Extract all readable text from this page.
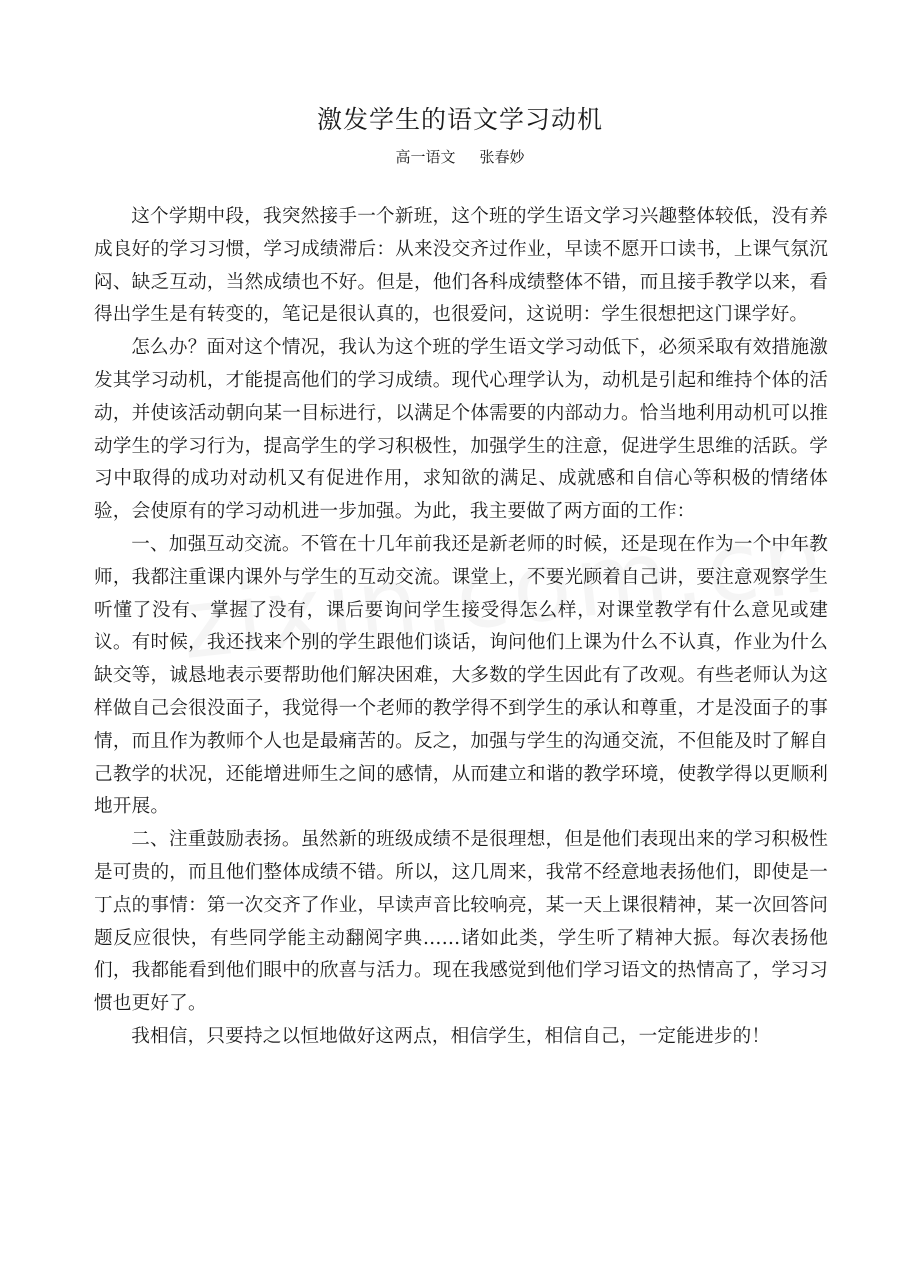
激发学生的语文学习动机
高一语文 张春妙

这个学期中段，我突然接手一个新班，这个班的学生语文学习兴趣整体较低，没有养成良好的学习习惯，学习成绩滞后：从来没交齐过作业，早读不愿开口读书，上课气氛沉闷、缺乏互动，当然成绩也不好。但是，他们各科成绩整体不错，而且接手教学以来，看得出学生是有转变的，笔记是很认真的，也很爱问，这说明：学生很想把这门课学好。

怎么办？面对这个情况，我认为这个班的学生语文学习动低下，必须采取有效措施激发其学习动机，才能提高他们的学习成绩。现代心理学认为，动机是引起和维持个体的活动，并使该活动朝向某一目标进行，以满足个体需要的内部动力。恰当地利用动机可以推动学生的学习行为，提高学生的学习积极性，加强学生的注意，促进学生思维的活跃。学习中取得的成功对动机又有促进作用，求知欲的满足、成就感和自信心等积极的情绪体验，会使原有的学习动机进一步加强。为此，我主要做了两方面的工作：

一、加强互动交流。不管在十几年前我还是新老师的时候，还是现在作为一个中年教师，我都注重课内课外与学生的互动交流。课堂上，不要光顾着自己讲，要注意观察学生听懂了没有、掌握了没有，课后要询问学生接受得怎么样，对课堂教学有什么意见或建议。有时候，我还找来个别的学生跟他们谈话，询问他们上课为什么不认真，作业为什么缺交等，诚恳地表示要帮助他们解决困难，大多数的学生因此有了改观。有些老师认为这样做自己会很没面子，我觉得一个老师的教学得不到学生的承认和尊重，才是没面子的事情，而且作为教师个人也是最痛苦的。反之，加强与学生的沟通交流，不但能及时了解自己教学的状况，还能增进师生之间的感情，从而建立和谐的教学环境，使教学得以更顺利地开展。

二、注重鼓励表扬。虽然新的班级成绩不是很理想，但是他们表现出来的学习积极性是可贵的，而且他们整体成绩不错。所以，这几周来，我常不经意地表扬他们，即使是一丁点的事情：第一次交齐了作业，早读声音比较响亮，某一天上课很精神，某一次回答问题反应很快，有些同学能主动翻阅字典……诸如此类，学生听了精神大振。每次表扬他们，我都能看到他们眼中的欣喜与活力。现在我感觉到他们学习语文的热情高了，学习习惯也更好了。

我相信，只要持之以恒地做好这两点，相信学生，相信自己，一定能进步的！
